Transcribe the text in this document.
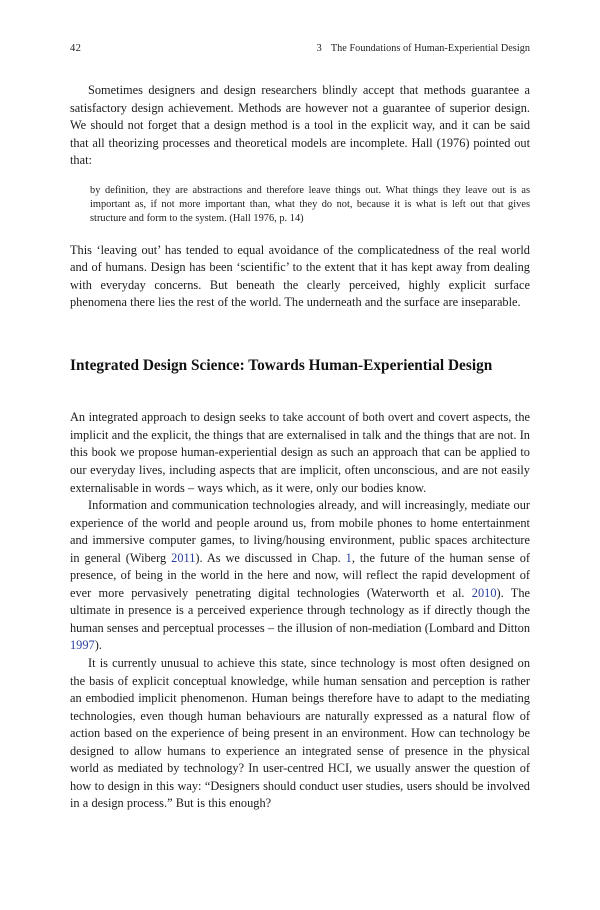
42	3 The Foundations of Human-Experiential Design

Sometimes designers and design researchers blindly accept that methods guarantee a satisfactory design achievement. Methods are however not a guarantee of superior design. We should not forget that a design method is a tool in the explicit way, and it can be said that all theorizing processes and theoretical models are incomplete. Hall (1976) pointed out that:

by definition, they are abstractions and therefore leave things out. What things they leave out is as important as, if not more important than, what they do not, because it is what is left out that gives structure and form to the system. (Hall 1976, p. 14)

This ‘leaving out’ has tended to equal avoidance of the complicatedness of the real world and of humans. Design has been ‘scientific’ to the extent that it has kept away from dealing with everyday concerns. But beneath the clearly perceived, highly explicit surface phenomena there lies the rest of the world. The underneath and the surface are inseparable.

Integrated Design Science: Towards Human-Experiential Design

An integrated approach to design seeks to take account of both overt and covert aspects, the implicit and the explicit, the things that are externalised in talk and the things that are not. In this book we propose human-experiential design as such an approach that can be applied to our everyday lives, including aspects that are implicit, often unconscious, and are not easily externalisable in words – ways which, as it were, only our bodies know.

Information and communication technologies already, and will increasingly, mediate our experience of the world and people around us, from mobile phones to home entertainment and immersive computer games, to living/housing environment, public spaces architecture in general (Wiberg 2011). As we discussed in Chap. 1, the future of the human sense of presence, of being in the world in the here and now, will reflect the rapid development of ever more pervasively penetrating digital technologies (Waterworth et al. 2010). The ultimate in presence is a perceived experience through technology as if directly though the human senses and perceptual processes – the illusion of non-mediation (Lombard and Ditton 1997).

It is currently unusual to achieve this state, since technology is most often designed on the basis of explicit conceptual knowledge, while human sensation and perception is rather an embodied implicit phenomenon. Human beings therefore have to adapt to the mediating technologies, even though human behaviours are naturally expressed as a natural flow of action based on the experience of being present in an environment. How can technology be designed to allow humans to experience an integrated sense of presence in the physical world as mediated by technology? In user-centred HCI, we usually answer the question of how to design in this way: “Designers should conduct user studies, users should be involved in a design process.” But is this enough?
